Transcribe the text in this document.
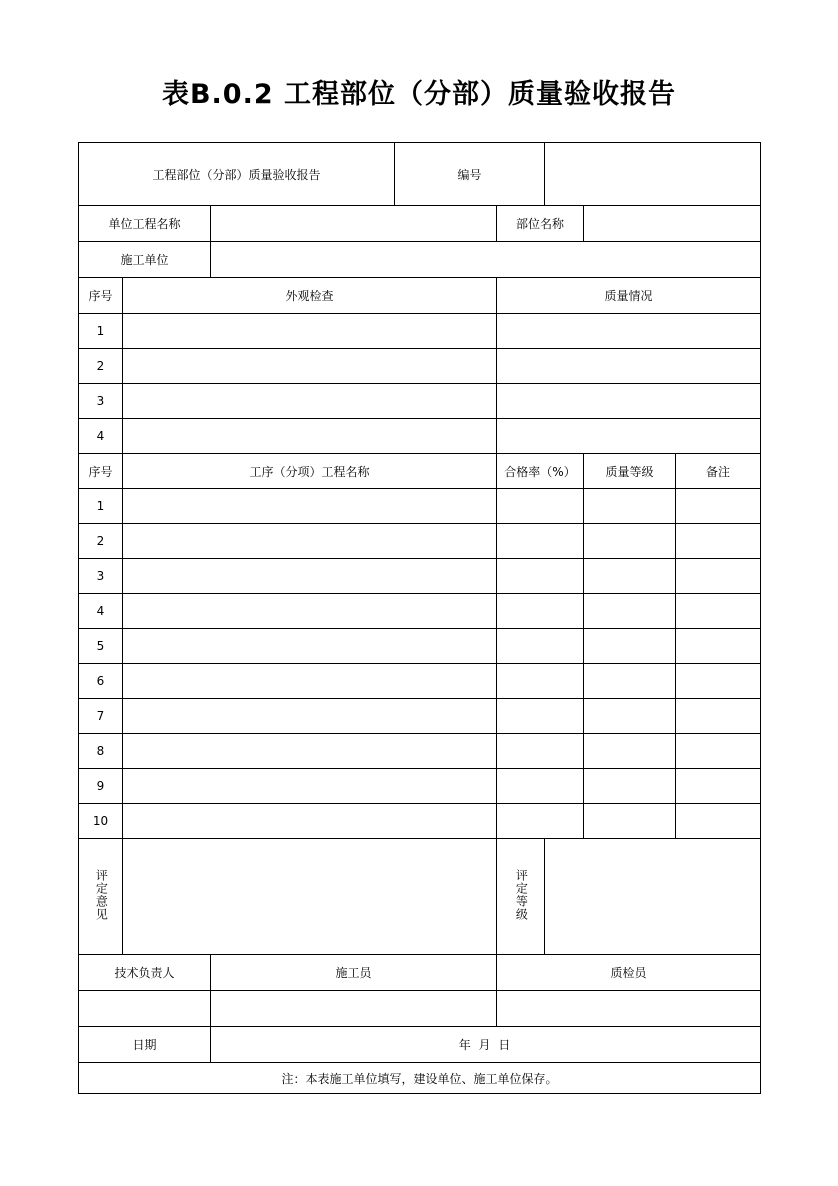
表B.0.2 工程部位（分部）质量验收报告
工程部位（分部）质量验收报告			编号				
单位工程名称				部位名称			
施工单位							
序号	外观检查			质量情况			
1							
2							
3							
4							
序号	工序（分项）工程名称			合格率（%）		质量等级	备注
1							
2							
3							
4							
5							
6							
7							
8							
9							
10							
评定意见				评定等级			
技术负责人		施工员		质检员			

日期		年 月 日					
注：本表施工单位填写，建设单位、施工单位保存。							
